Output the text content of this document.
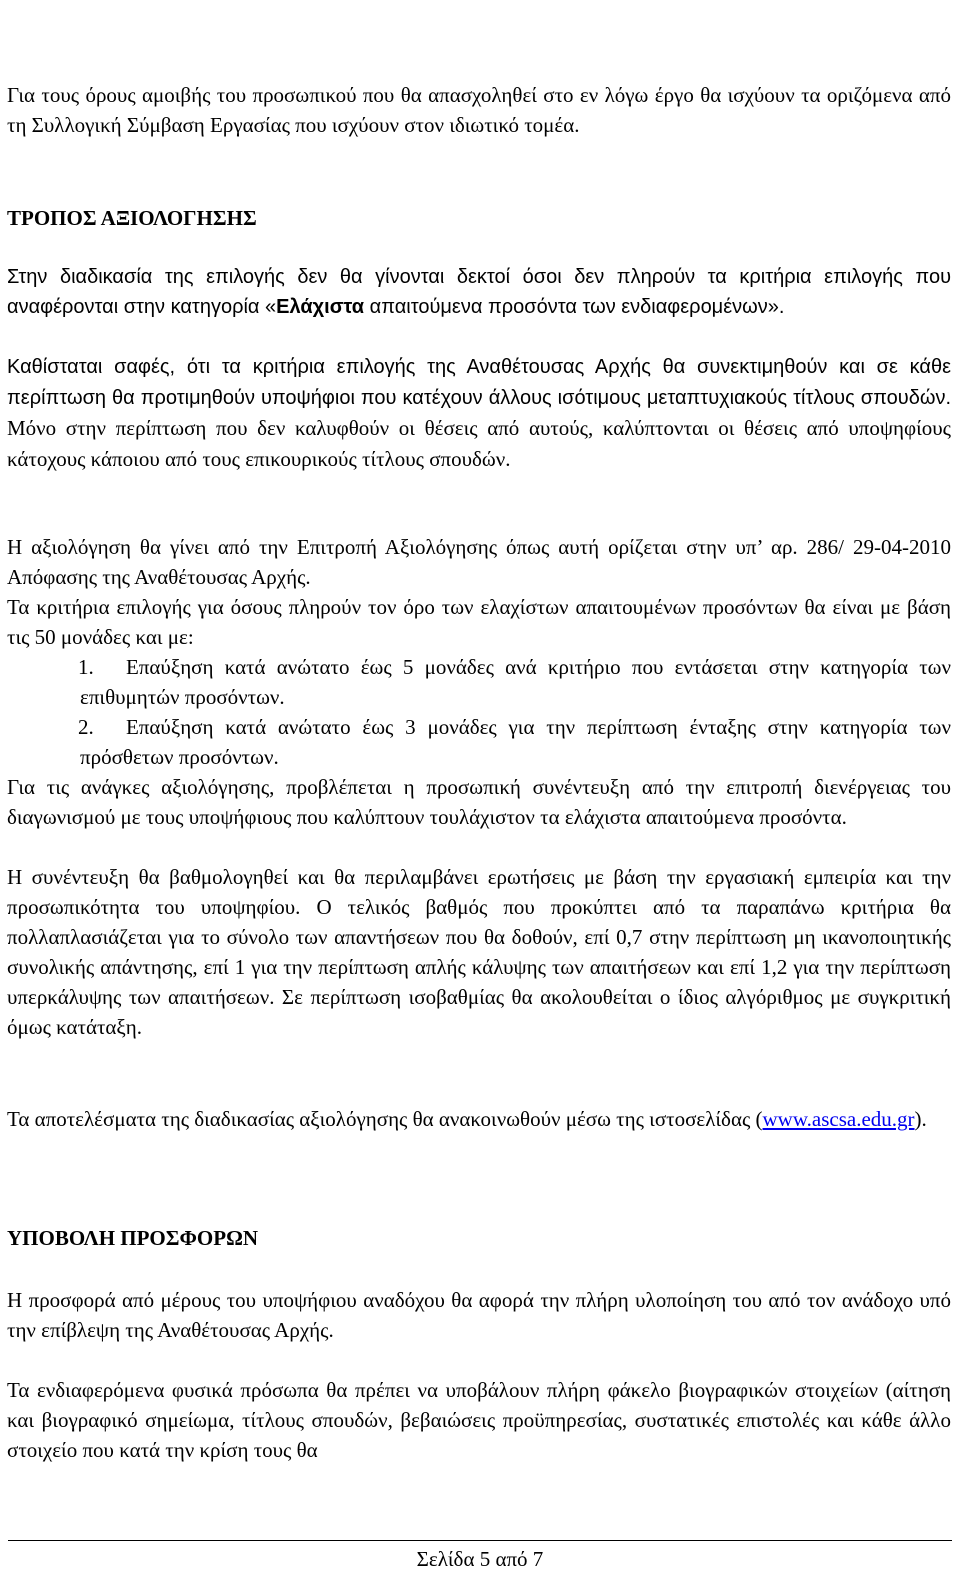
Για τους όρους αμοιβής του προσωπικού που θα απασχοληθεί στο εν λόγω έργο θα ισχύουν τα οριζόμενα από τη Συλλογική Σύμβαση Εργασίας που ισχύουν στον ιδιωτικό τομέα.
ΤΡΟΠΟΣ ΑΞΙΟΛΟΓΗΣΗΣ
Στην διαδικασία της επιλογής δεν θα γίνονται δεκτοί όσοι δεν πληρούν τα κριτήρια επιλογής που αναφέρονται στην κατηγορία «Ελάχιστα απαιτούμενα προσόντα των ενδιαφερομένων».
Καθίσταται σαφές, ότι τα κριτήρια επιλογής της Αναθέτουσας Αρχής θα συνεκτιμηθούν και σε κάθε περίπτωση θα προτιμηθούν υποψήφιοι που κατέχουν άλλους ισότιμους μεταπτυχιακούς τίτλους σπουδών. Μόνο στην περίπτωση που δεν καλυφθούν οι θέσεις από αυτούς, καλύπτονται οι θέσεις από υποψηφίους κάτοχους κάποιου από τους επικουρικούς τίτλους σπουδών.
Η αξιολόγηση θα γίνει από την Επιτροπή Αξιολόγησης όπως αυτή ορίζεται στην υπ’ αρ. 286/ 29-04-2010 Απόφασης της Αναθέτουσας Αρχής.
Τα κριτήρια επιλογής για όσους πληρούν τον όρο των ελαχίστων απαιτουμένων προσόντων θα είναι με βάση τις 50 μονάδες και με:
1.	Επαύξηση κατά ανώτατο έως 5 μονάδες ανά κριτήριο που εντάσεται στην κατηγορία των επιθυμητών προσόντων.
2.	Επαύξηση κατά ανώτατο έως 3 μονάδες για την περίπτωση ένταξης στην κατηγορία των πρόσθετων προσόντων.
Για τις ανάγκες αξιολόγησης, προβλέπεται η προσωπική συνέντευξη από την επιτροπή διενέργειας του διαγωνισμού με τους υποψήφιους που καλύπτουν τουλάχιστον τα ελάχιστα απαιτούμενα προσόντα.
Η συνέντευξη θα βαθμολογηθεί και θα περιλαμβάνει ερωτήσεις με βάση την εργασιακή εμπειρία και την προσωπικότητα του υποψηφίου. Ο τελικός βαθμός που προκύπτει από τα παραπάνω κριτήρια θα πολλαπλασιάζεται για το σύνολο των απαντήσεων που θα δοθούν, επί 0,7 στην περίπτωση μη ικανοποιητικής συνολικής απάντησης, επί 1 για την περίπτωση απλής κάλυψης των απαιτήσεων και επί 1,2 για την περίπτωση υπερκάλυψης των απαιτήσεων. Σε περίπτωση ισοβαθμίας θα ακολουθείται ο ίδιος αλγόριθμος με συγκριτική όμως κατάταξη.
Τα αποτελέσματα της διαδικασίας αξιολόγησης θα ανακοινωθούν μέσω της ιστοσελίδας (www.ascsa.edu.gr).
ΥΠΟΒΟΛΗ ΠΡΟΣΦΟΡΩΝ
Η προσφορά από μέρους του υποψήφιου αναδόχου θα αφορά την πλήρη υλοποίηση του από τον ανάδοχο υπό την επίβλεψη της Αναθέτουσας Αρχής.
Τα ενδιαφερόμενα φυσικά πρόσωπα θα πρέπει να υποβάλουν πλήρη φάκελο βιογραφικών στοιχείων (αίτηση και βιογραφικό σημείωμα, τίτλους σπουδών, βεβαιώσεις προϋπηρεσίας, συστατικές επιστολές και κάθε άλλο στοιχείο που κατά την κρίση τους θα
Σελίδα 5 από 7
